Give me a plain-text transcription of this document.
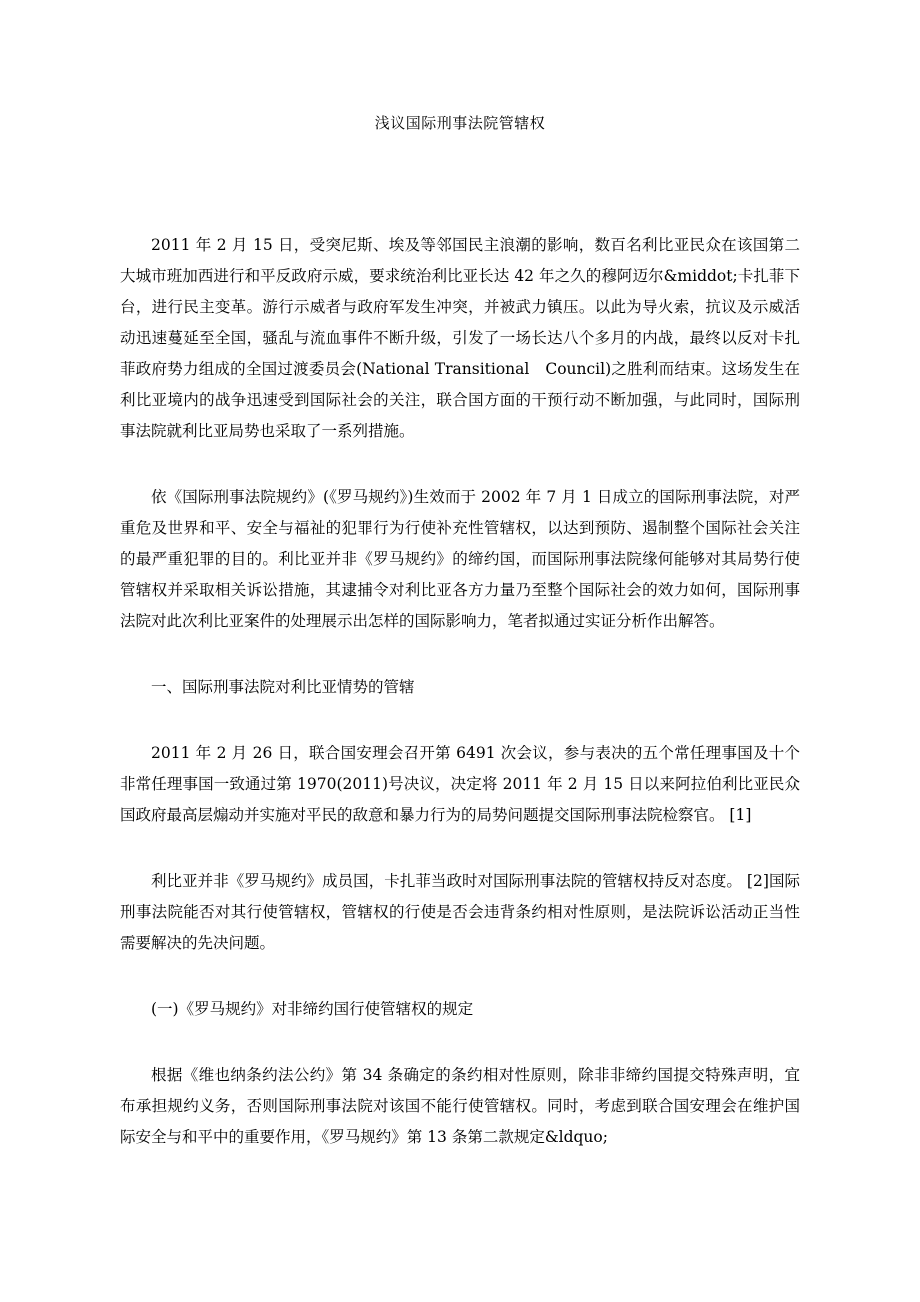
浅议国际刑事法院管辖权

2011 年 2 月 15 日，受突尼斯、埃及等邻国民主浪潮的影响，数百名利比亚民众在该国第二大城市班加西进行和平反政府示威，要求统治利比亚长达 42 年之久的穆阿迈尔&middot;卡扎菲下台，进行民主变革。游行示威者与政府军发生冲突，并被武力镇压。以此为导火索，抗议及示威活动迅速蔓延至全国，骚乱与流血事件不断升级，引发了一场长达八个多月的内战，最终以反对卡扎菲政府势力组成的全国过渡委员会(National Transitional　Council)之胜利而结束。这场发生在利比亚境内的战争迅速受到国际社会的关注，联合国方面的干预行动不断加强，与此同时，国际刑事法院就利比亚局势也采取了一系列措施。

依《国际刑事法院规约》(《罗马规约》)生效而于 2002 年 7 月 1 日成立的国际刑事法院，对严重危及世界和平、安全与福祉的犯罪行为行使补充性管辖权，以达到预防、遏制整个国际社会关注的最严重犯罪的目的。利比亚并非《罗马规约》的缔约国，而国际刑事法院缘何能够对其局势行使管辖权并采取相关诉讼措施，其逮捕令对利比亚各方力量乃至整个国际社会的效力如何，国际刑事法院对此次利比亚案件的处理展示出怎样的国际影响力，笔者拟通过实证分析作出解答。

一、国际刑事法院对利比亚情势的管辖

2011 年 2 月 26 日，联合国安理会召开第 6491 次会议，参与表决的五个常任理事国及十个非常任理事国一致通过第 1970(2011)号决议，决定将 2011 年 2 月 15 日以来阿拉伯利比亚民众国政府最高层煽动并实施对平民的敌意和暴力行为的局势问题提交国际刑事法院检察官。 [1]

利比亚并非《罗马规约》成员国，卡扎菲当政时对国际刑事法院的管辖权持反对态度。 [2]国际刑事法院能否对其行使管辖权，管辖权的行使是否会违背条约相对性原则，是法院诉讼活动正当性需要解决的先决问题。

(一)《罗马规约》对非缔约国行使管辖权的规定

根据《维也纳条约法公约》第 34 条确定的条约相对性原则，除非非缔约国提交特殊声明，宜布承担规约义务，否则国际刑事法院对该国不能行使管辖权。同时，考虑到联合国安理会在维护国际安全与和平中的重要作用，《罗马规约》第 13 条第二款规定&ldquo;
